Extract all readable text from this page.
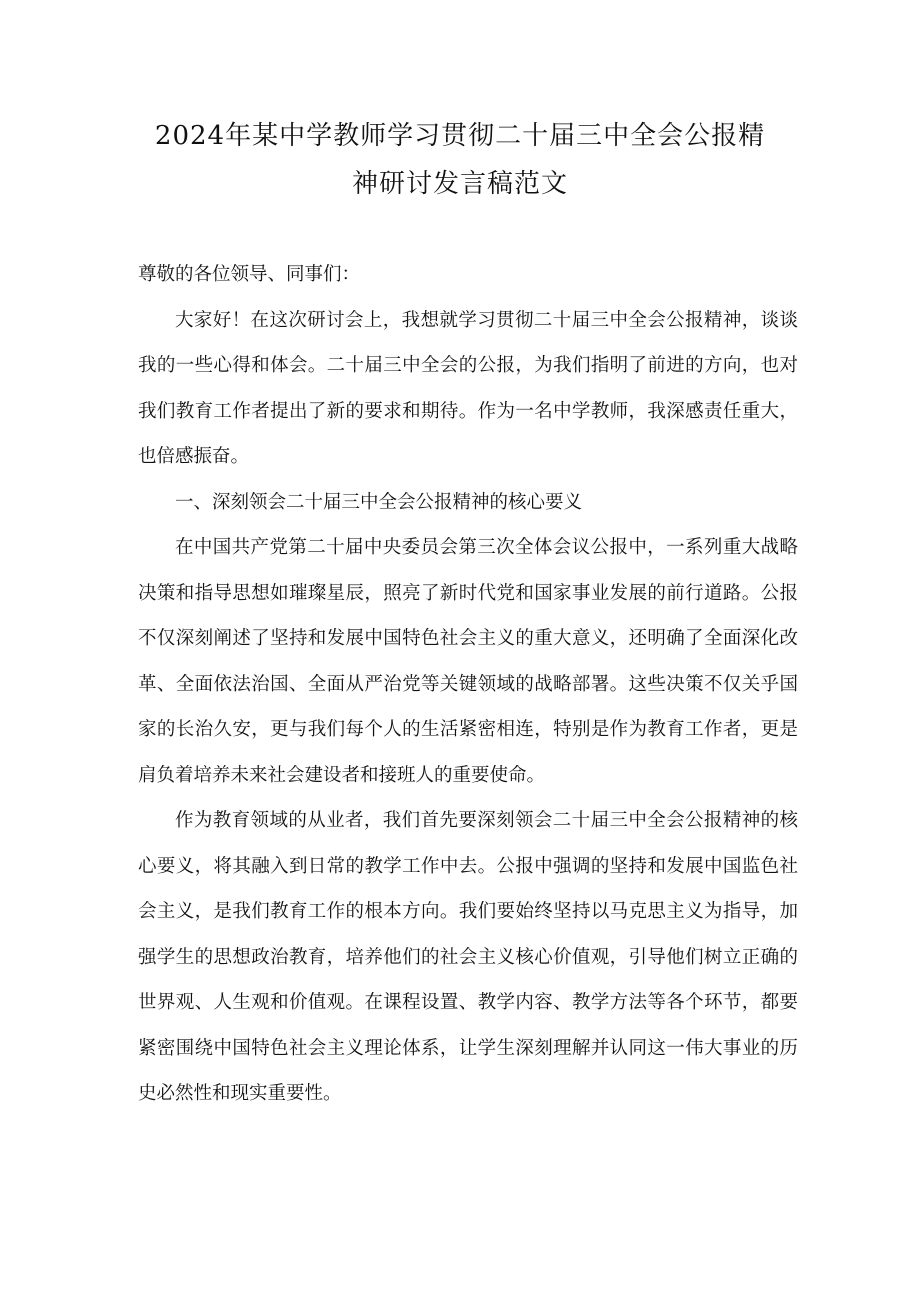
2024年某中学教师学习贯彻二十届三中全会公报精
神研讨发言稿范文

尊敬的各位领导、同事们：

大家好！在这次研讨会上，我想就学习贯彻二十届三中全会公报精神，谈谈我的一些心得和体会。二十届三中全会的公报，为我们指明了前进的方向，也对我们教育工作者提出了新的要求和期待。作为一名中学教师，我深感责任重大，也倍感振奋。

一、深刻领会二十届三中全会公报精神的核心要义

在中国共产党第二十届中央委员会第三次全体会议公报中，一系列重大战略决策和指导思想如璀璨星辰，照亮了新时代党和国家事业发展的前行道路。公报不仅深刻阐述了坚持和发展中国特色社会主义的重大意义，还明确了全面深化改革、全面依法治国、全面从严治党等关键领域的战略部署。这些决策不仅关乎国家的长治久安，更与我们每个人的生活紧密相连，特别是作为教育工作者，更是肩负着培养未来社会建设者和接班人的重要使命。

作为教育领域的从业者，我们首先要深刻领会二十届三中全会公报精神的核心要义，将其融入到日常的教学工作中去。公报中强调的坚持和发展中国监色社会主义，是我们教育工作的根本方向。我们要始终坚持以马克思主义为指导，加强学生的思想政治教育，培养他们的社会主义核心价值观，引导他们树立正确的世界观、人生观和价值观。在课程设置、教学内容、教学方法等各个环节，都要紧密围绕中国特色社会主义理论体系，让学生深刻理解并认同这一伟大事业的历史必然性和现实重要性。
